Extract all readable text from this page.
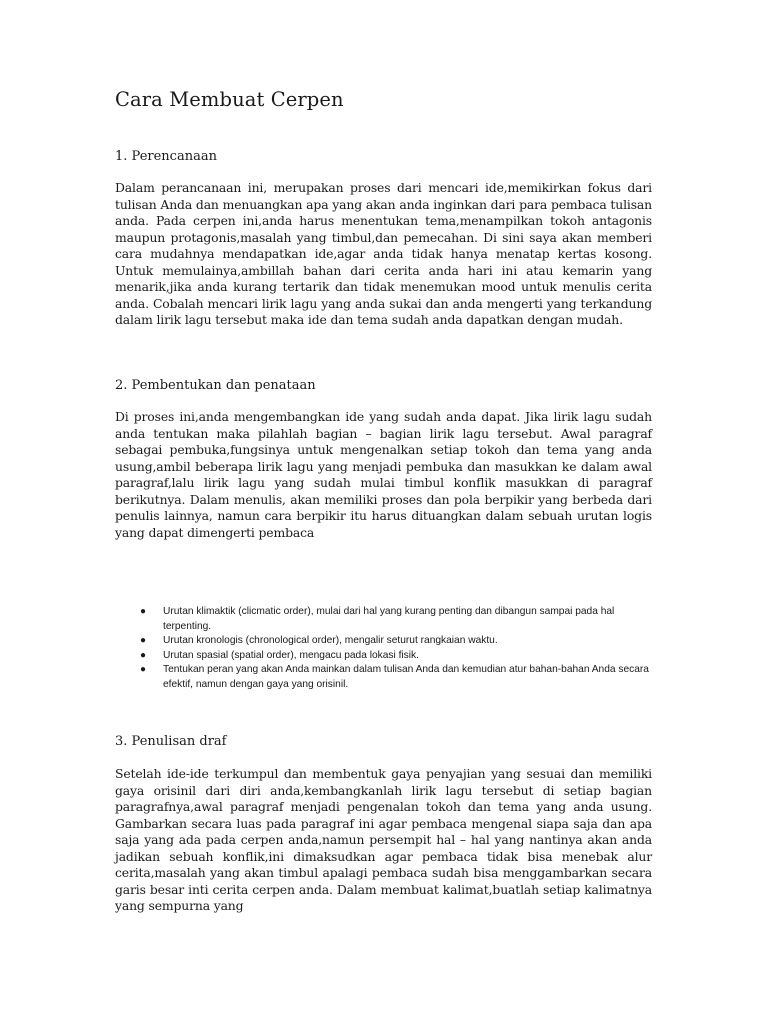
Cara Membuat Cerpen

1. Perencanaan

Dalam perancanaan ini, merupakan proses dari mencari ide,memikirkan fokus dari tulisan Anda dan menuangkan apa yang akan anda inginkan dari para pembaca tulisan anda. Pada cerpen ini,anda harus menentukan tema,menampilkan tokoh antagonis maupun protagonis,masalah yang timbul,dan pemecahan. Di sini saya akan memberi cara mudahnya mendapatkan ide,agar anda tidak hanya menatap kertas kosong. Untuk memulainya,ambillah bahan dari cerita anda hari ini atau kemarin yang menarik,jika anda kurang tertarik dan tidak menemukan mood untuk menulis cerita anda. Cobalah mencari lirik lagu yang anda sukai dan anda mengerti yang terkandung dalam lirik lagu tersebut maka ide dan tema sudah anda dapatkan dengan mudah.

2. Pembentukan dan penataan

Di proses ini,anda mengembangkan ide yang sudah anda dapat. Jika lirik lagu sudah anda tentukan maka pilahlah bagian – bagian lirik lagu tersebut. Awal paragraf sebagai pembuka,fungsinya untuk mengenalkan setiap tokoh dan tema yang anda usung,ambil beberapa lirik lagu yang menjadi pembuka dan masukkan ke dalam awal paragraf,lalu lirik lagu yang sudah mulai timbul konflik masukkan di paragraf berikutnya. Dalam menulis, akan memiliki proses dan pola berpikir yang berbeda dari penulis lainnya, namun cara berpikir itu harus dituangkan dalam sebuah urutan logis yang dapat dimengerti pembaca

● Urutan klimaktik (clicmatic order), mulai dari hal yang kurang penting dan dibangun sampai pada hal terpenting.
● Urutan kronologis (chronological order), mengalir seturut rangkaian waktu.
● Urutan spasial (spatial order), mengacu pada lokasi fisik.
● Tentukan peran yang akan Anda mainkan dalam tulisan Anda dan kemudian atur bahan-bahan Anda secara efektif, namun dengan gaya yang orisinil.

3. Penulisan draf

Setelah ide-ide terkumpul dan membentuk gaya penyajian yang sesuai dan memiliki gaya orisinil dari diri anda,kembangkanlah lirik lagu tersebut di setiap bagian paragrafnya,awal paragraf menjadi pengenalan tokoh dan tema yang anda usung. Gambarkan secara luas pada paragraf ini agar pembaca mengenal siapa saja dan apa saja yang ada pada cerpen anda,namun persempit hal – hal yang nantinya akan anda jadikan sebuah konflik,ini dimaksudkan agar pembaca tidak bisa menebak alur cerita,masalah yang akan timbul apalagi pembaca sudah bisa menggambarkan secara garis besar inti cerita cerpen anda. Dalam membuat kalimat,buatlah setiap kalimatnya yang sempurna yang
